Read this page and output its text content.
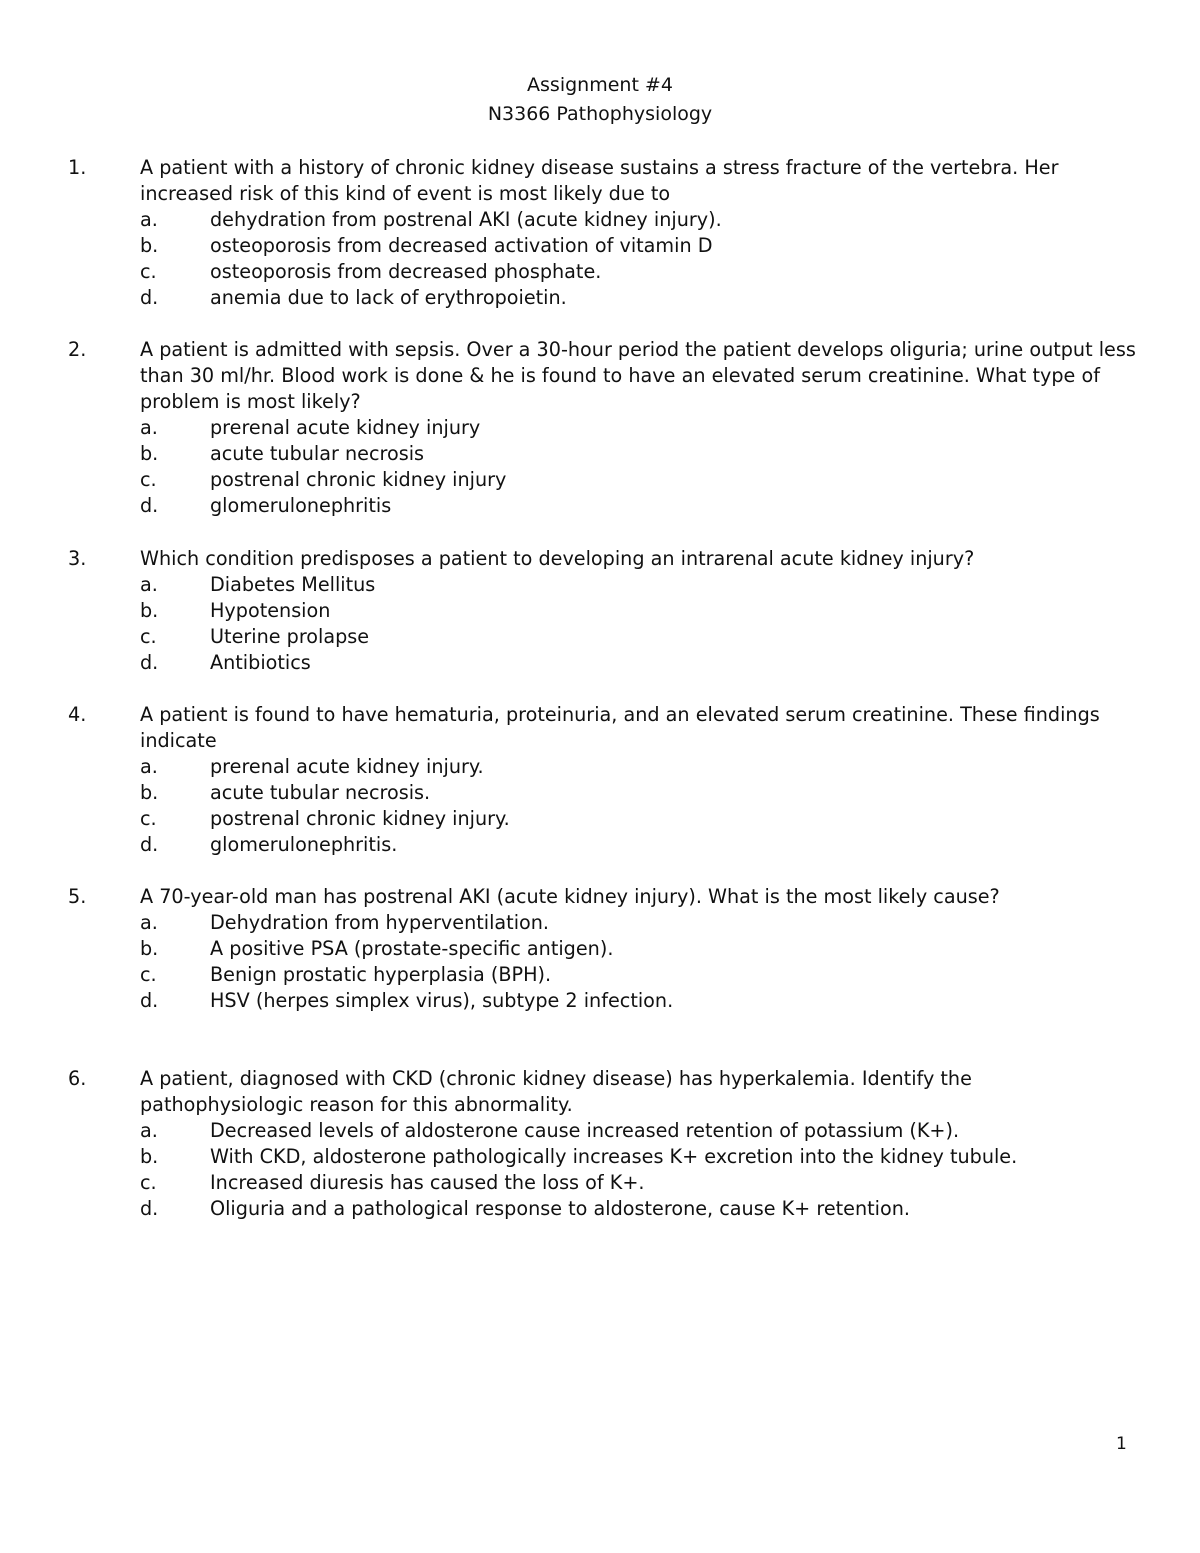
Assignment #4
N3366 Pathophysiology
1.	A patient with a history of chronic kidney disease sustains a stress fracture of the vertebra. Her increased risk of this kind of event is most likely due to
a.	dehydration from postrenal AKI (acute kidney injury).
b.	osteoporosis from decreased activation of vitamin D
c.	osteoporosis from decreased phosphate.
d.	anemia due to lack of erythropoietin.
2.	A patient is admitted with sepsis. Over a 30-hour period the patient develops oliguria; urine output less than 30 ml/hr. Blood work is done & he is found to have an elevated serum creatinine. What type of problem is most likely?
a.	prerenal acute kidney injury
b.	acute tubular necrosis
c.	postrenal chronic kidney injury
d.	glomerulonephritis
3.	Which condition predisposes a patient to developing an intrarenal acute kidney injury?
a.	Diabetes Mellitus
b.	Hypotension
c.	Uterine prolapse
d.	Antibiotics
4.	A patient is found to have hematuria, proteinuria, and an elevated serum creatinine. These findings indicate
a.	prerenal acute kidney injury.
b.	acute tubular necrosis.
c.	postrenal chronic kidney injury.
d.	glomerulonephritis.
5.	A 70-year-old man has postrenal AKI (acute kidney injury). What is the most likely cause?
a.	Dehydration from hyperventilation.
b.	A positive PSA (prostate-specific antigen).
c.	Benign prostatic hyperplasia (BPH).
d.	HSV (herpes simplex virus), subtype 2 infection.
6.	A patient, diagnosed with CKD (chronic kidney disease) has hyperkalemia. Identify the pathophysiologic reason for this abnormality.
a.	Decreased levels of aldosterone cause increased retention of potassium (K+).
b.	With CKD, aldosterone pathologically increases K+ excretion into the kidney tubule.
c.	Increased diuresis has caused the loss of K+.
d.	Oliguria and a pathological response to aldosterone, cause K+ retention.
1
